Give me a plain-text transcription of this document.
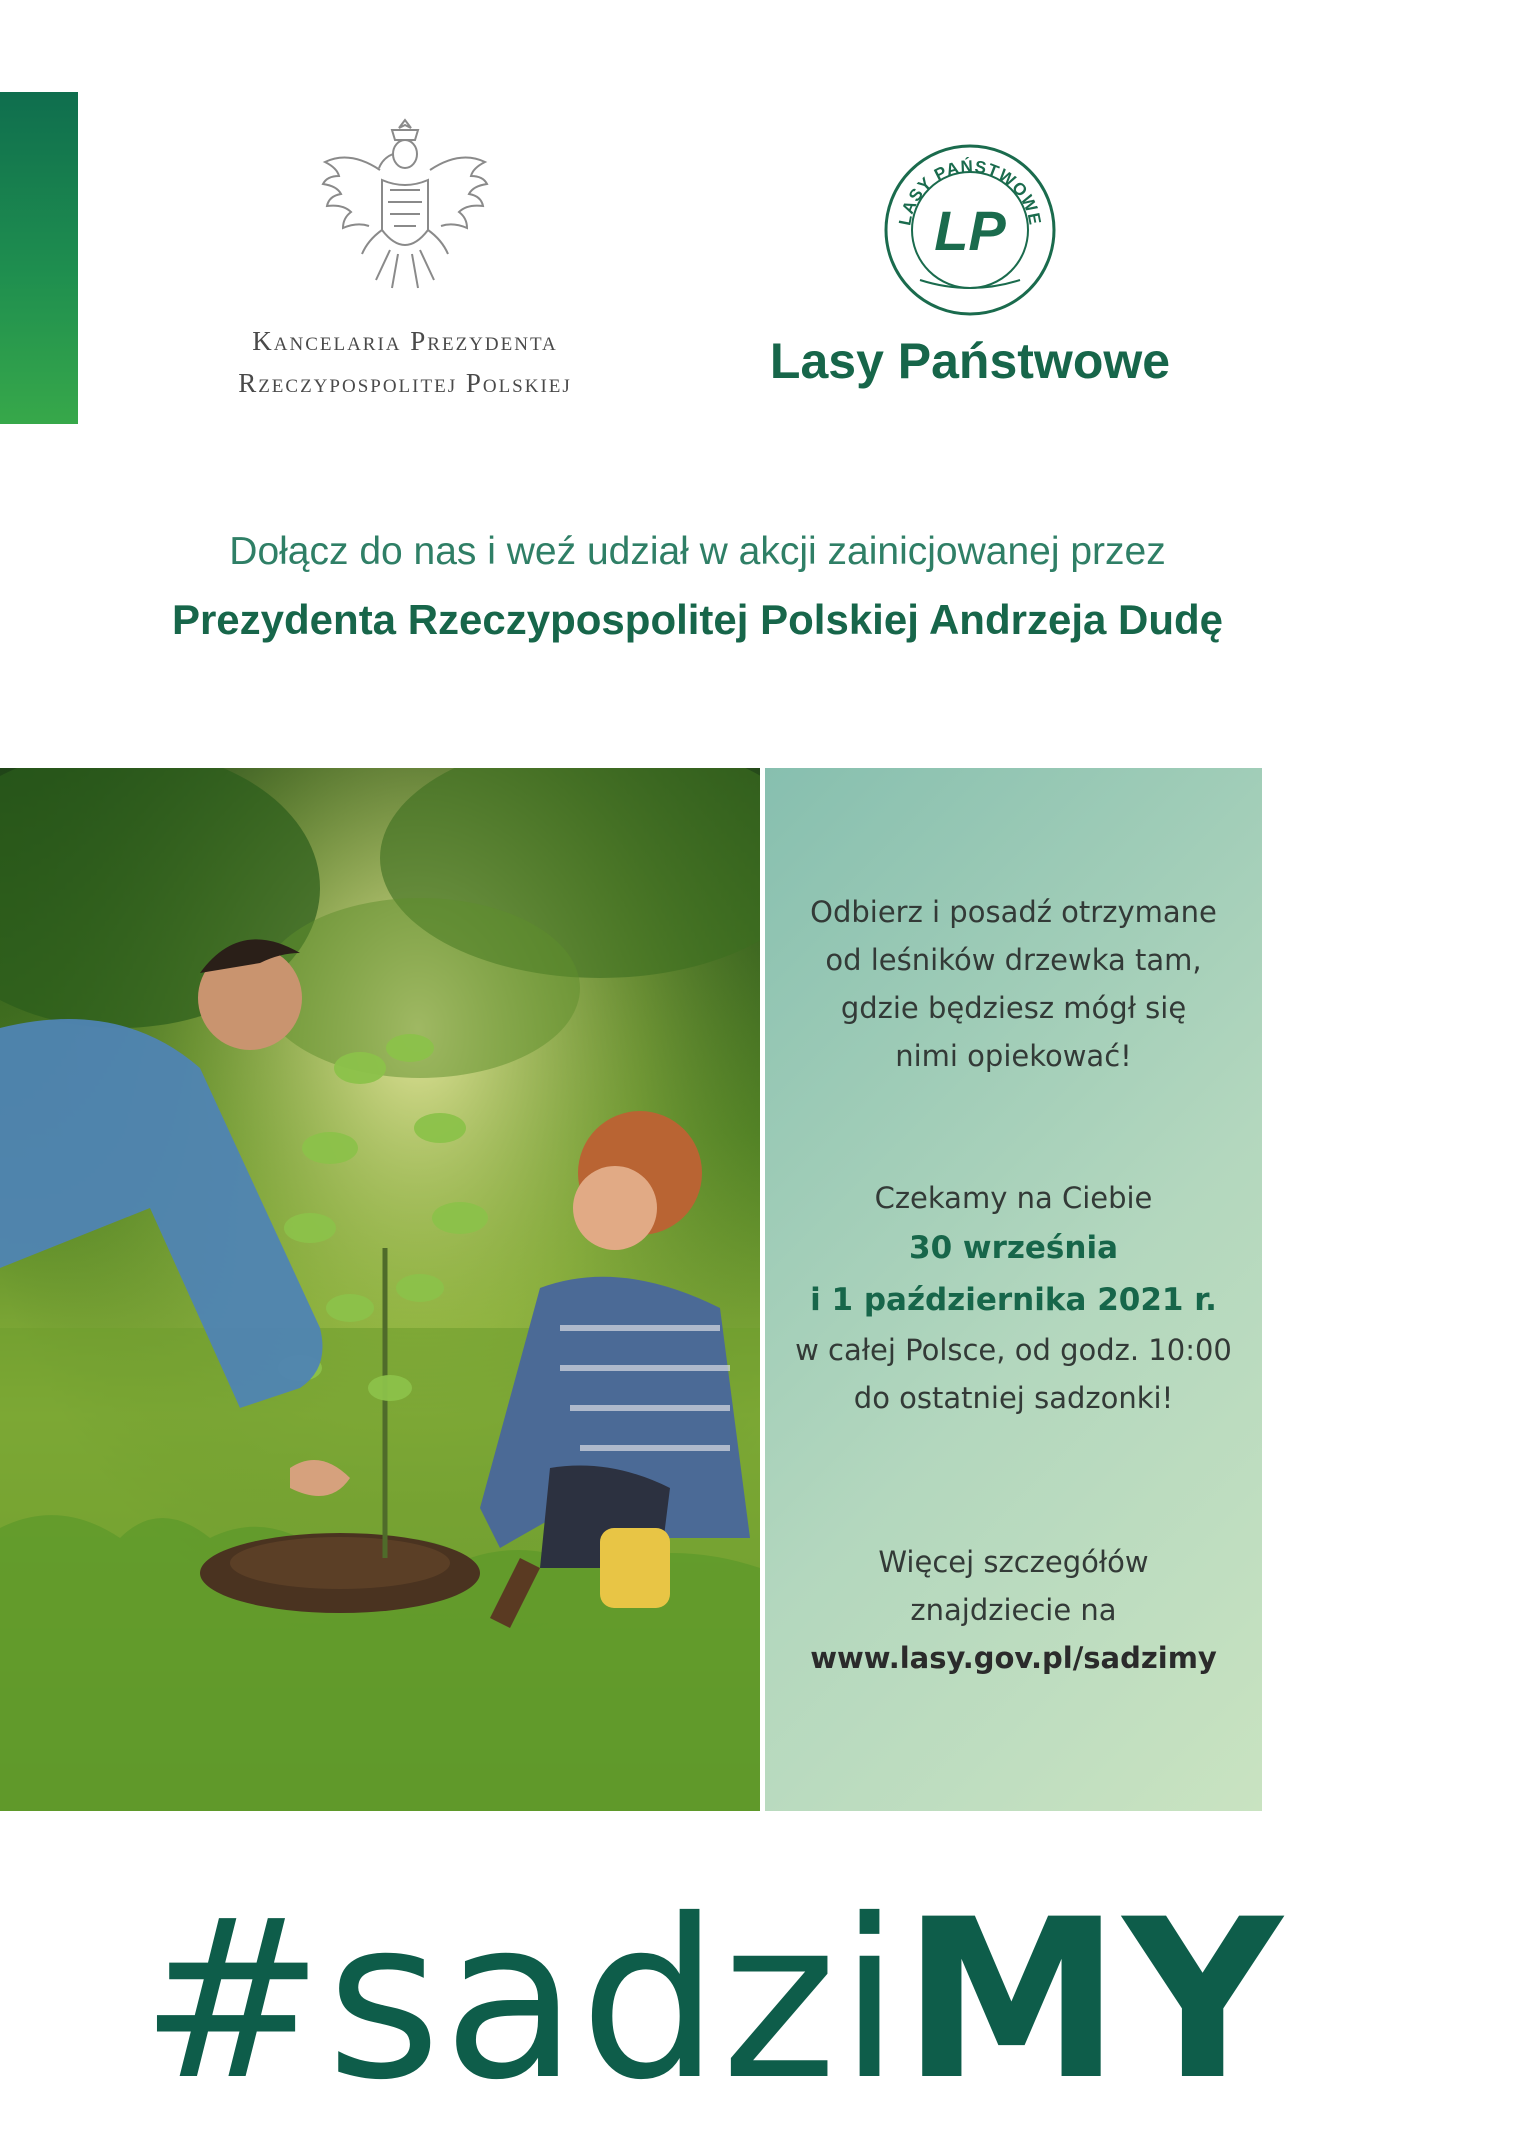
Kancelaria Prezydenta
Rzeczypospolitej Polskiej
LASY PAŃSTWOWE
LP
Lasy Państwowe
Dołącz do nas i weź udział w akcji zainicjowanej przez
Prezydenta Rzeczypospolitej Polskiej Andrzeja Dudę

Odbierz i posadź otrzymane

od leśników drzewka tam,

gdzie będziesz mógł się

nimi opiekować!

Czekamy na Ciebie

30 września

i 1 października 2021 r.

w całej Polsce, od godz. 10:00

do ostatniej sadzonki!

Więcej szczegółów

znajdziecie na

www.lasy.gov.pl/sadzimy

#sadziMY
